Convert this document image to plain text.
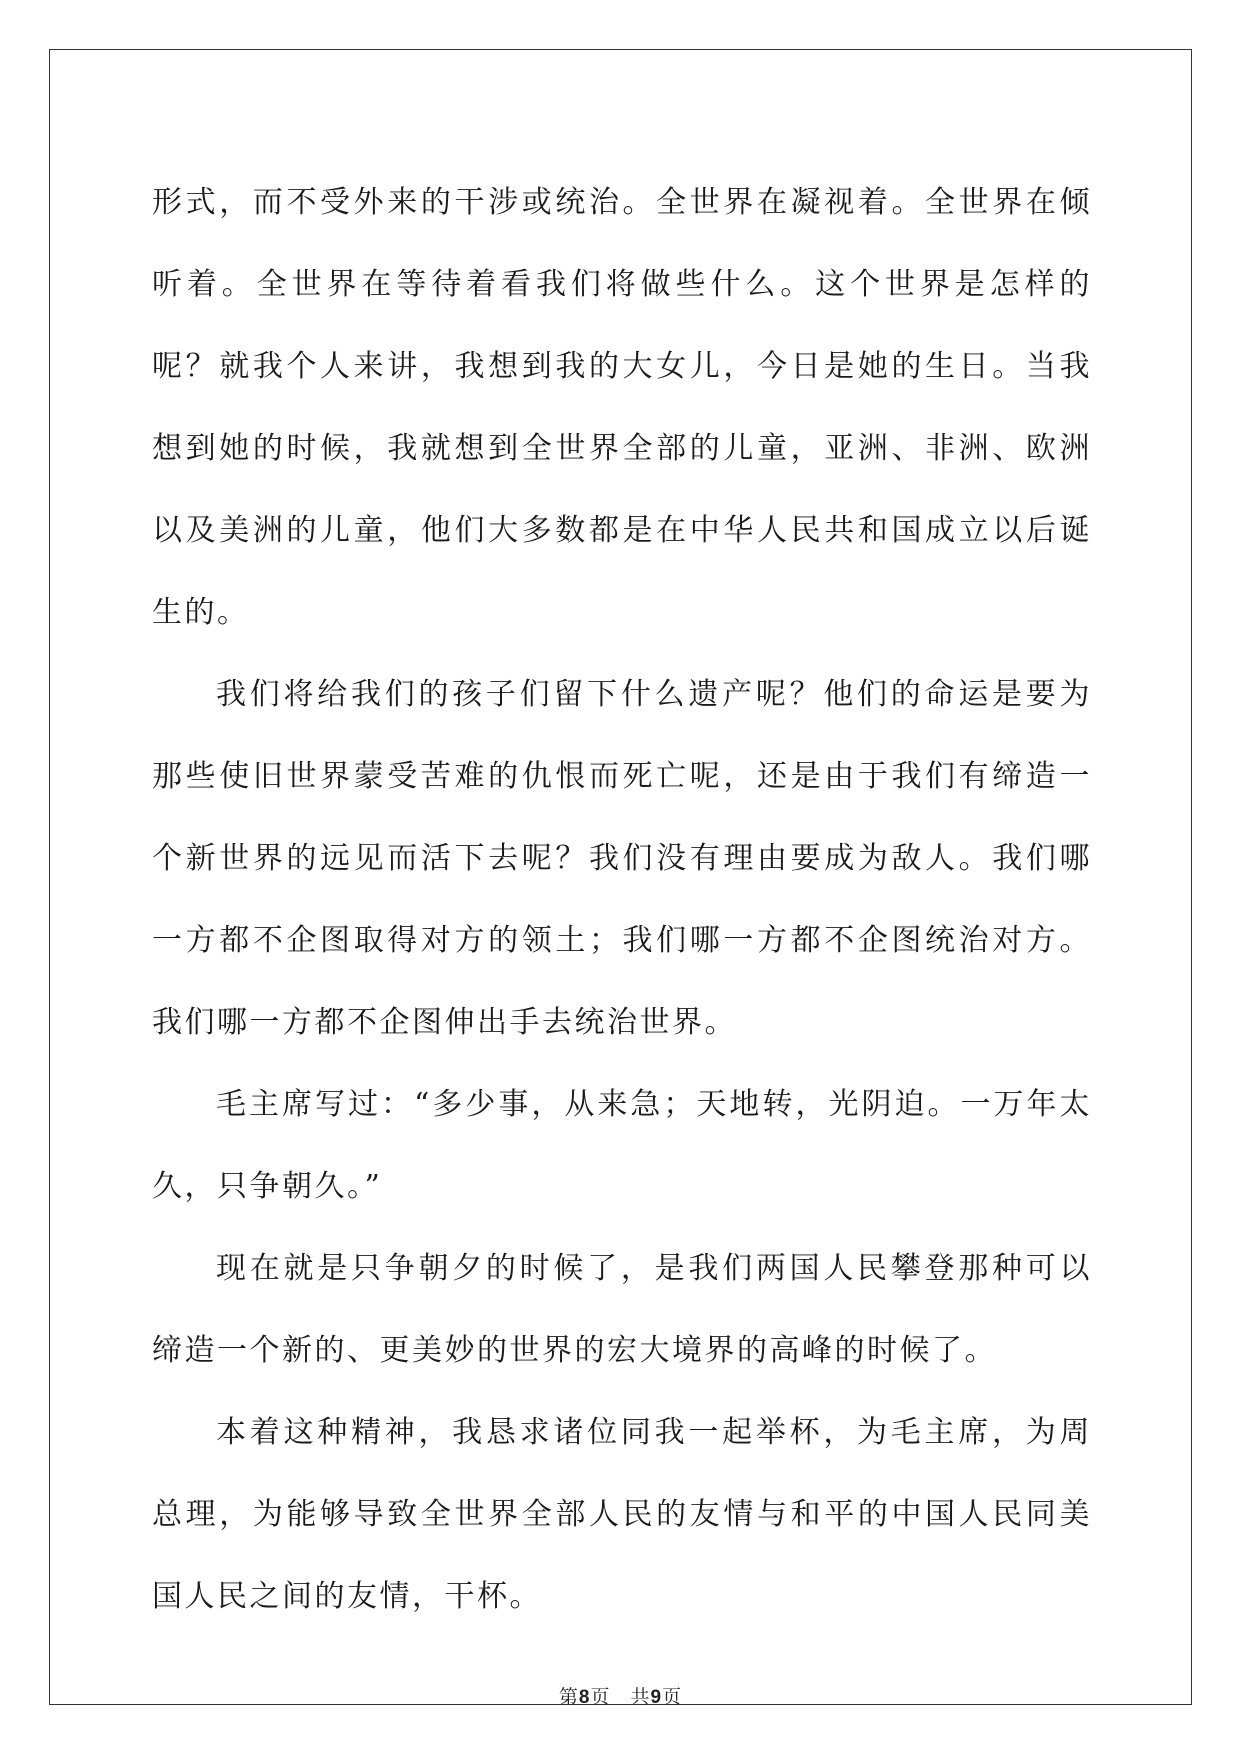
形式，而不受外来的干涉或统治。全世界在凝视着。全世界在倾听着。全世界在等待着看我们将做些什么。这个世界是怎样的呢？就我个人来讲，我想到我的大女儿，今日是她的生日。当我想到她的时候，我就想到全世界全部的儿童，亚洲、非洲、欧洲以及美洲的儿童，他们大多数都是在中华人民共和国成立以后诞生的。

我们将给我们的孩子们留下什么遗产呢？他们的命运是要为那些使旧世界蒙受苦难的仇恨而死亡呢，还是由于我们有缔造一个新世界的远见而活下去呢？我们没有理由要成为敌人。我们哪一方都不企图取得对方的领土；我们哪一方都不企图统治对方。我们哪一方都不企图伸出手去统治世界。

毛主席写过：“多少事，从来急；天地转，光阴迫。一万年太久，只争朝久。”

现在就是只争朝夕的时候了，是我们两国人民攀登那种可以缔造一个新的、更美妙的世界的宏大境界的高峰的时候了。

本着这种精神，我恳求诸位同我一起举杯，为毛主席，为周总理，为能够导致全世界全部人民的友情与和平的中国人民同美国人民之间的友情，干杯。

第8页 共9页
